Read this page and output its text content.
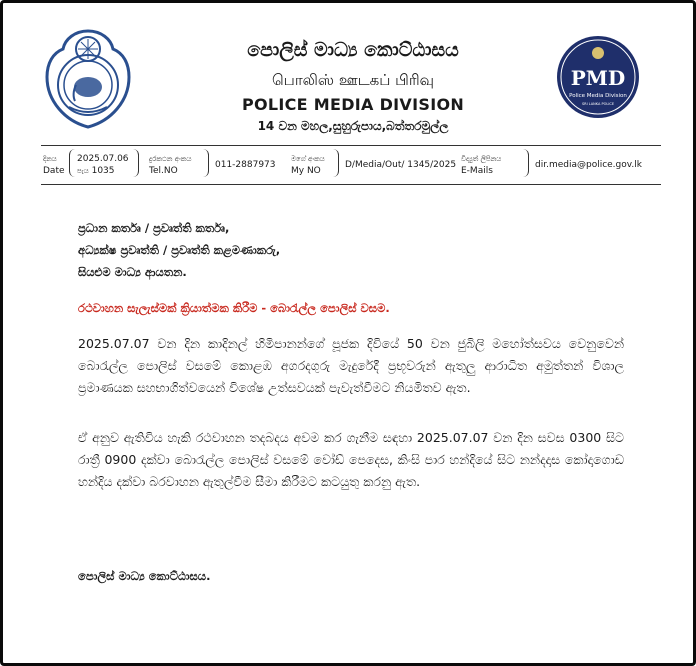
පොලිස් මාධ්‍ය කොට්ඨාසය
பொலிஸ் ஊடகப் பிரிவு
POLICE MEDIA DIVISION
14 වන මහල,සුහුරුපාය,බත්තරමුල්ල
PMD
Police Media Division
SRI LANKA POLICE
දිනය
Date
2025.07.06
පැය 1035
දුරකථන අංකය
Tel.NO
011-2887973
මගේ අංකය
My NO
D/Media/Out/ 1345/2025
විද්‍යුත් ලිපිනය
E-Mails
dir.media@police.gov.lk
ප්‍රධාන කර්තෘ / ප්‍රවෘත්ති කර්තෘ,
අධ්‍යක්ෂ ප්‍රවෘත්ති / ප්‍රවෘත්ති කළමණාකරු,
සියළුම මාධ්‍ය ආයතන.
රථවාහන සැලැස්මක් ක්‍රියාත්මක කිරීම - බොරැල්ල පොලිස් වසම.
2025.07.07 වන දින කාදිනල් හිමිපානන්ගේ පූජක දිවියේ 50 වන ජුබිලි මහෝත්සවය වෙනුවෙන් බොරැල්ල පොලිස් වසමේ කොළඹ අගරදගුරු මැදුරේදී ප්‍රභූවරුන් ඇතුලු ආරාධිත අමුත්තන් විශාල ප්‍රමාණයක සහභාගිත්වයෙන් විශේෂ උත්සවයක් පැවැත්වීමට නියමිතව ඇත.
ඒ අනුව ඇතිවිය හැකි රථවාහන තදබදය අවම කර ගැනීම සඳහා 2025.07.07 වන දින සවස 0300 සිට රාත්‍රී 0900 දක්වා බොරැල්ල පොලිස් වසමේ වෝඩ් පෙදෙස, කිංසි පාර හන්දියේ සිට නන්දදාස කෝදාගොඩ හන්දිය දක්වා බරවාහන ඇතුල්වීම සීමා කිරීමට කටයුතු කරනු ඇත.
පොලිස් මාධ්‍ය කොට්ඨාසය.
